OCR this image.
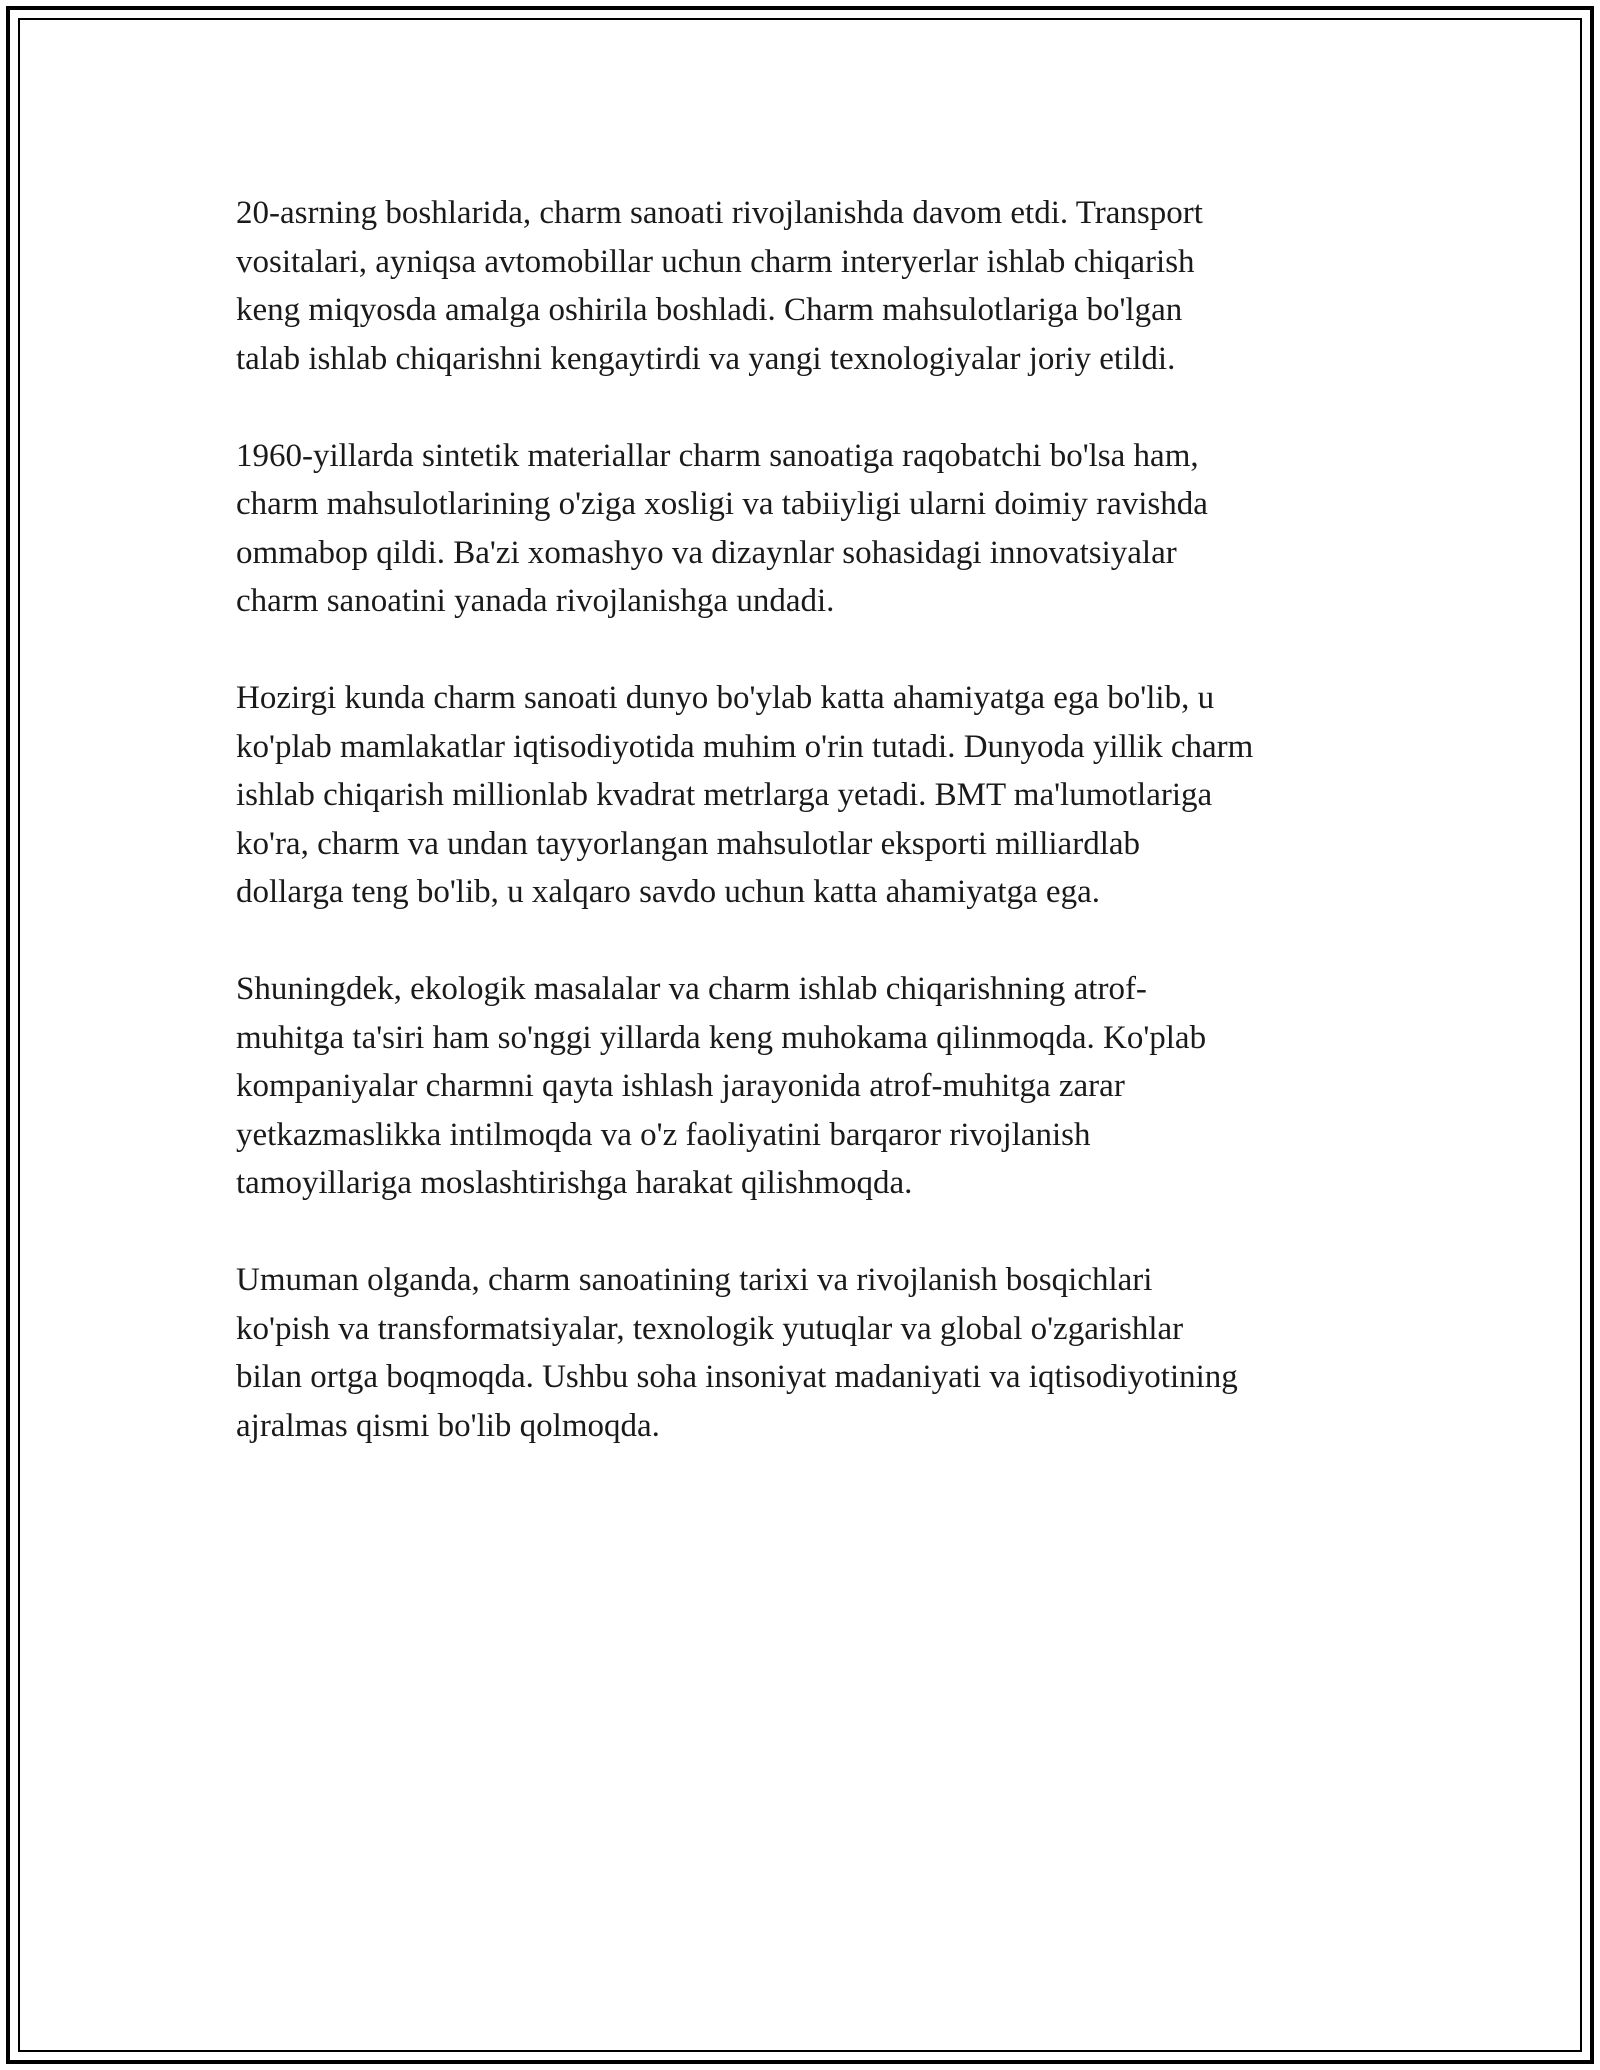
20-asrning boshlarida, charm sanoati rivojlanishda davom etdi. Transport
vositalari, ayniqsa avtomobillar uchun charm interyerlar ishlab chiqarish
keng miqyosda amalga oshirila boshladi. Charm mahsulotlariga bo'lgan
talab ishlab chiqarishni kengaytirdi va yangi texnologiyalar joriy etildi.
1960-yillarda sintetik materiallar charm sanoatiga raqobatchi bo'lsa ham,
charm mahsulotlarining o'ziga xosligi va tabiiyligi ularni doimiy ravishda
ommabop qildi. Ba'zi xomashyo va dizaynlar sohasidagi innovatsiyalar
charm sanoatini yanada rivojlanishga undadi.
Hozirgi kunda charm sanoati dunyo bo'ylab katta ahamiyatga ega bo'lib, u
ko'plab mamlakatlar iqtisodiyotida muhim o'rin tutadi. Dunyoda yillik charm
ishlab chiqarish millionlab kvadrat metrlarga yetadi. BMT ma'lumotlariga
ko'ra, charm va undan tayyorlangan mahsulotlar eksporti milliardlab
dollarga teng bo'lib, u xalqaro savdo uchun katta ahamiyatga ega.
Shuningdek, ekologik masalalar va charm ishlab chiqarishning atrof-
muhitga ta'siri ham so'nggi yillarda keng muhokama qilinmoqda. Ko'plab
kompaniyalar charmni qayta ishlash jarayonida atrof-muhitga zarar
yetkazmaslikka intilmoqda va o'z faoliyatini barqaror rivojlanish
tamoyillariga moslashtirishga harakat qilishmoqda.
Umuman olganda, charm sanoatining tarixi va rivojlanish bosqichlari
ko'pish va transformatsiyalar, texnologik yutuqlar va global o'zgarishlar
bilan ortga boqmoqda. Ushbu soha insoniyat madaniyati va iqtisodiyotining
ajralmas qismi bo'lib qolmoqda.
